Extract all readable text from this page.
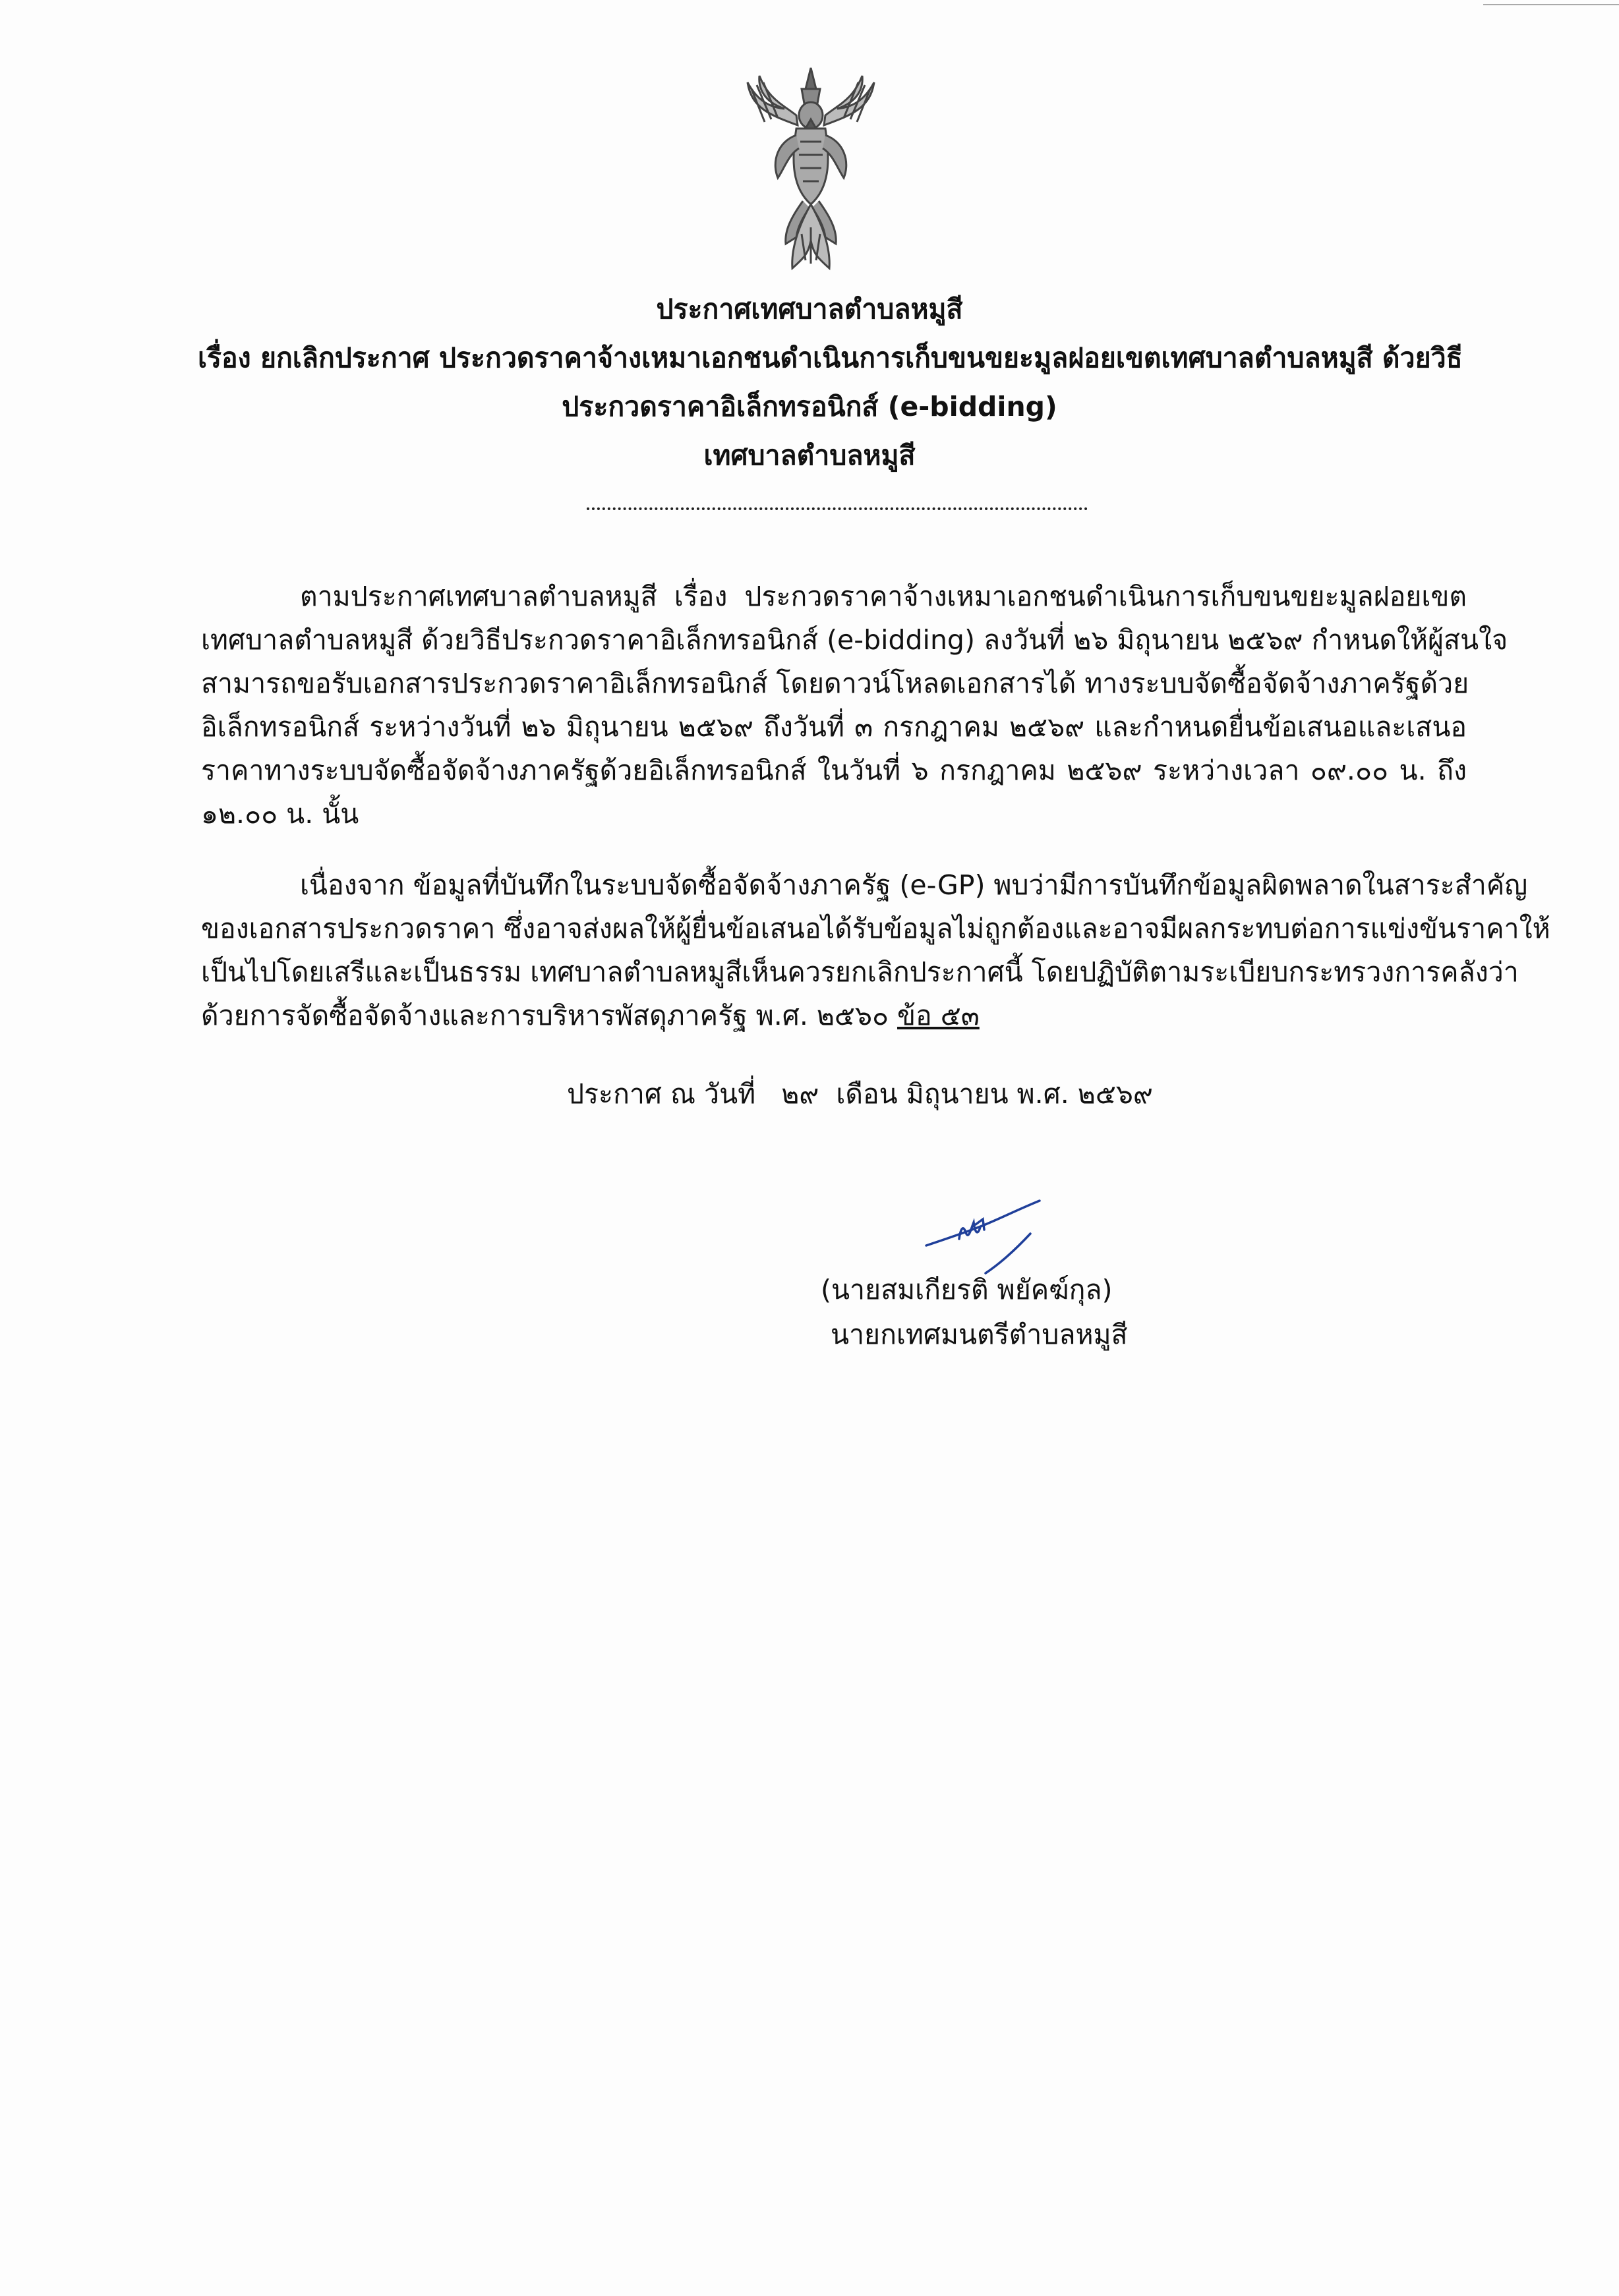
ประกาศเทศบาลตำบลหมูสี
เรื่อง ยกเลิกประกาศ ประกวดราคาจ้างเหมาเอกชนดำเนินการเก็บขนขยะมูลฝอยเขตเทศบาลตำบลหมูสี ด้วยวิธี
ประกวดราคาอิเล็กทรอนิกส์ (e-bidding)
เทศบาลตำบลหมูสี
ตามประกาศเทศบาลตำบลหมูสี เรื่อง ประกวดราคาจ้างเหมาเอกชนดำเนินการเก็บขนขยะมูลฝอยเขต
เทศบาลตำบลหมูสี ด้วยวิธีประกวดราคาอิเล็กทรอนิกส์ (e-bidding) ลงวันที่ ๒๖ มิถุนายน ๒๕๖๙ กำหนดให้ผู้สนใจ
สามารถขอรับเอกสารประกวดราคาอิเล็กทรอนิกส์ โดยดาวน์โหลดเอกสารได้ ทางระบบจัดซื้อจัดจ้างภาครัฐด้วย
อิเล็กทรอนิกส์ ระหว่างวันที่ ๒๖ มิถุนายน ๒๕๖๙ ถึงวันที่ ๓ กรกฎาคม ๒๕๖๙ และกำหนดยื่นข้อเสนอและเสนอ
ราคาทางระบบจัดซื้อจัดจ้างภาครัฐด้วยอิเล็กทรอนิกส์ ในวันที่ ๖ กรกฎาคม ๒๕๖๙ ระหว่างเวลา ๐๙.๐๐ น. ถึง
๑๒.๐๐ น. นั้น
เนื่องจาก ข้อมูลที่บันทึกในระบบจัดซื้อจัดจ้างภาครัฐ (e-GP) พบว่ามีการบันทึกข้อมูลผิดพลาดในสาระสำคัญ
ของเอกสารประกวดราคา ซึ่งอาจส่งผลให้ผู้ยื่นข้อเสนอได้รับข้อมูลไม่ถูกต้องและอาจมีผลกระทบต่อการแข่งขันราคาให้
เป็นไปโดยเสรีและเป็นธรรม เทศบาลตำบลหมูสีเห็นควรยกเลิกประกาศนี้ โดยปฏิบัติตามระเบียบกระทรวงการคลังว่า
ด้วยการจัดซื้อจัดจ้างและการบริหารพัสดุภาครัฐ พ.ศ. ๒๕๖๐ ข้อ ๕๓
ประกาศ ณ วันที่   ๒๙  เดือน มิถุนายน พ.ศ. ๒๕๖๙
(นายสมเกียรติ พยัคฆ์กุล)
นายกเทศมนตรีตำบลหมูสี
